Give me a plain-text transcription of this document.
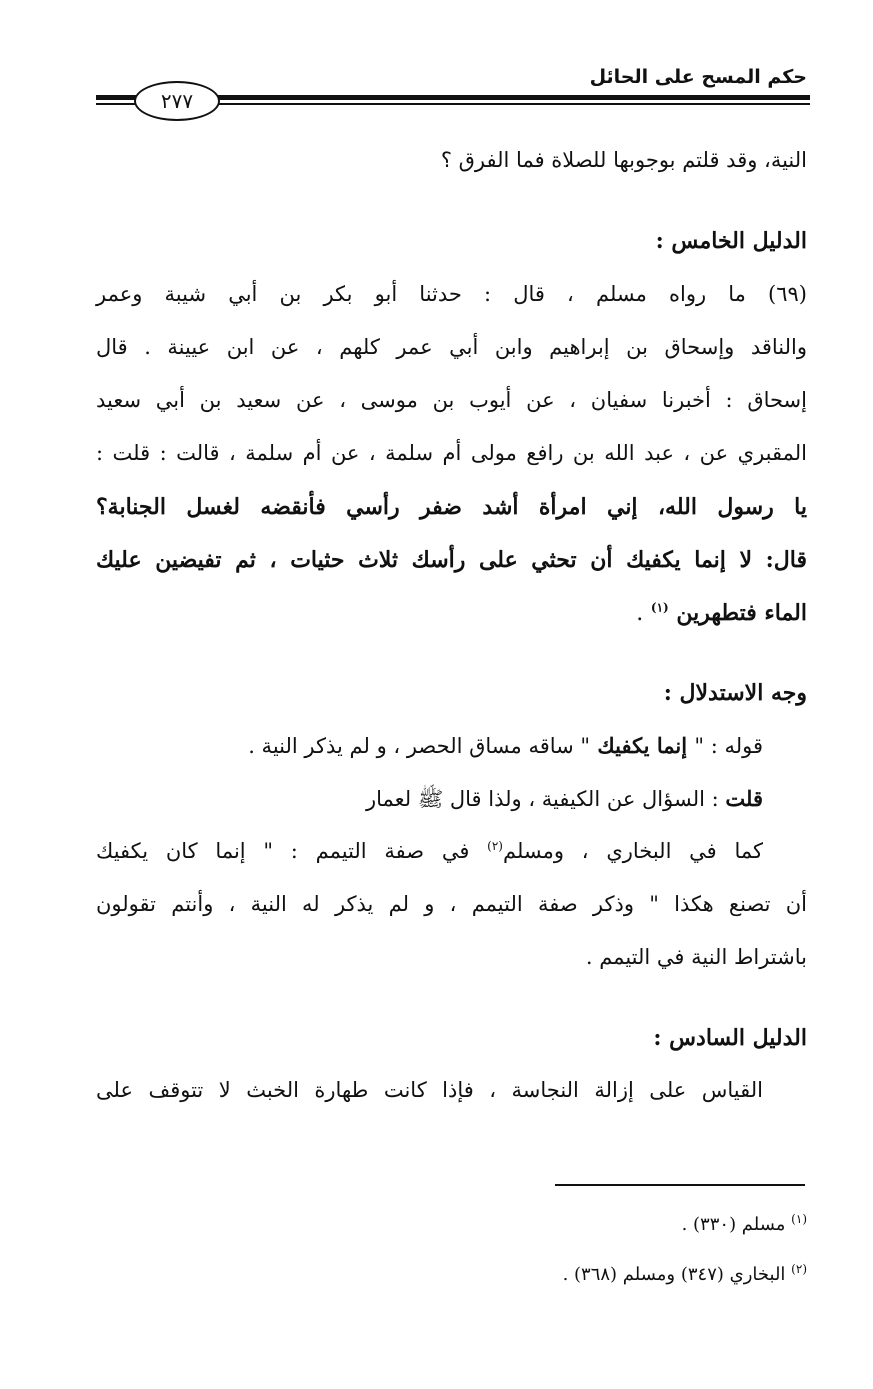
حكم المسح على الحائل
٢٧٧
النية، وقد قلتم بوجوبها للصلاة فما الفرق ؟
الدليل الخامس :
(٦٩) ما رواه مسلم ، قال : حدثنا أبو بكر بن أبي شيبة وعمر
والناقد وإسحاق بن إبراهيم وابن أبي عمر كلهم ، عن ابن عيينة . قال
إسحاق : أخبرنا سفيان ، عن أيوب بن موسى ، عن سعيد بن أبي سعيد
المقبري عن ، عبد الله بن رافع مولى أم سلمة ، عن أم سلمة ، قالت : قلت :
يا رسول الله، إني امرأة أشد ضفر رأسي فأنقضه لغسل الجنابة؟
قال: لا إنما يكفيك أن تحثي على رأسك ثلاث حثيات ، ثم تفيضين عليك
الماء فتطهرين $^{(١)}$ .
وجه الاستدلال :
قوله : " إنما يكفيك " ساقه مساق الحصر ، و لم يذكر النية .
قلت : السؤال عن الكيفية ، ولذا قال ﷺ لعمار
كما في البخاري ، ومسلم$^{(٢)}$ في صفة التيمم : " إنما كان يكفيك
أن تصنع هكذا " وذكر صفة التيمم ، و لم يذكر له النية ، وأنتم تقولون
باشتراط النية في التيمم .
الدليل السادس :
القياس على إزالة النجاسة ، فإذا كانت طهارة الخبث لا تتوقف على
$^{(١)}$ مسلم (٣٣٠) .
$^{(٢)}$ البخاري (٣٤٧) ومسلم (٣٦٨) .
